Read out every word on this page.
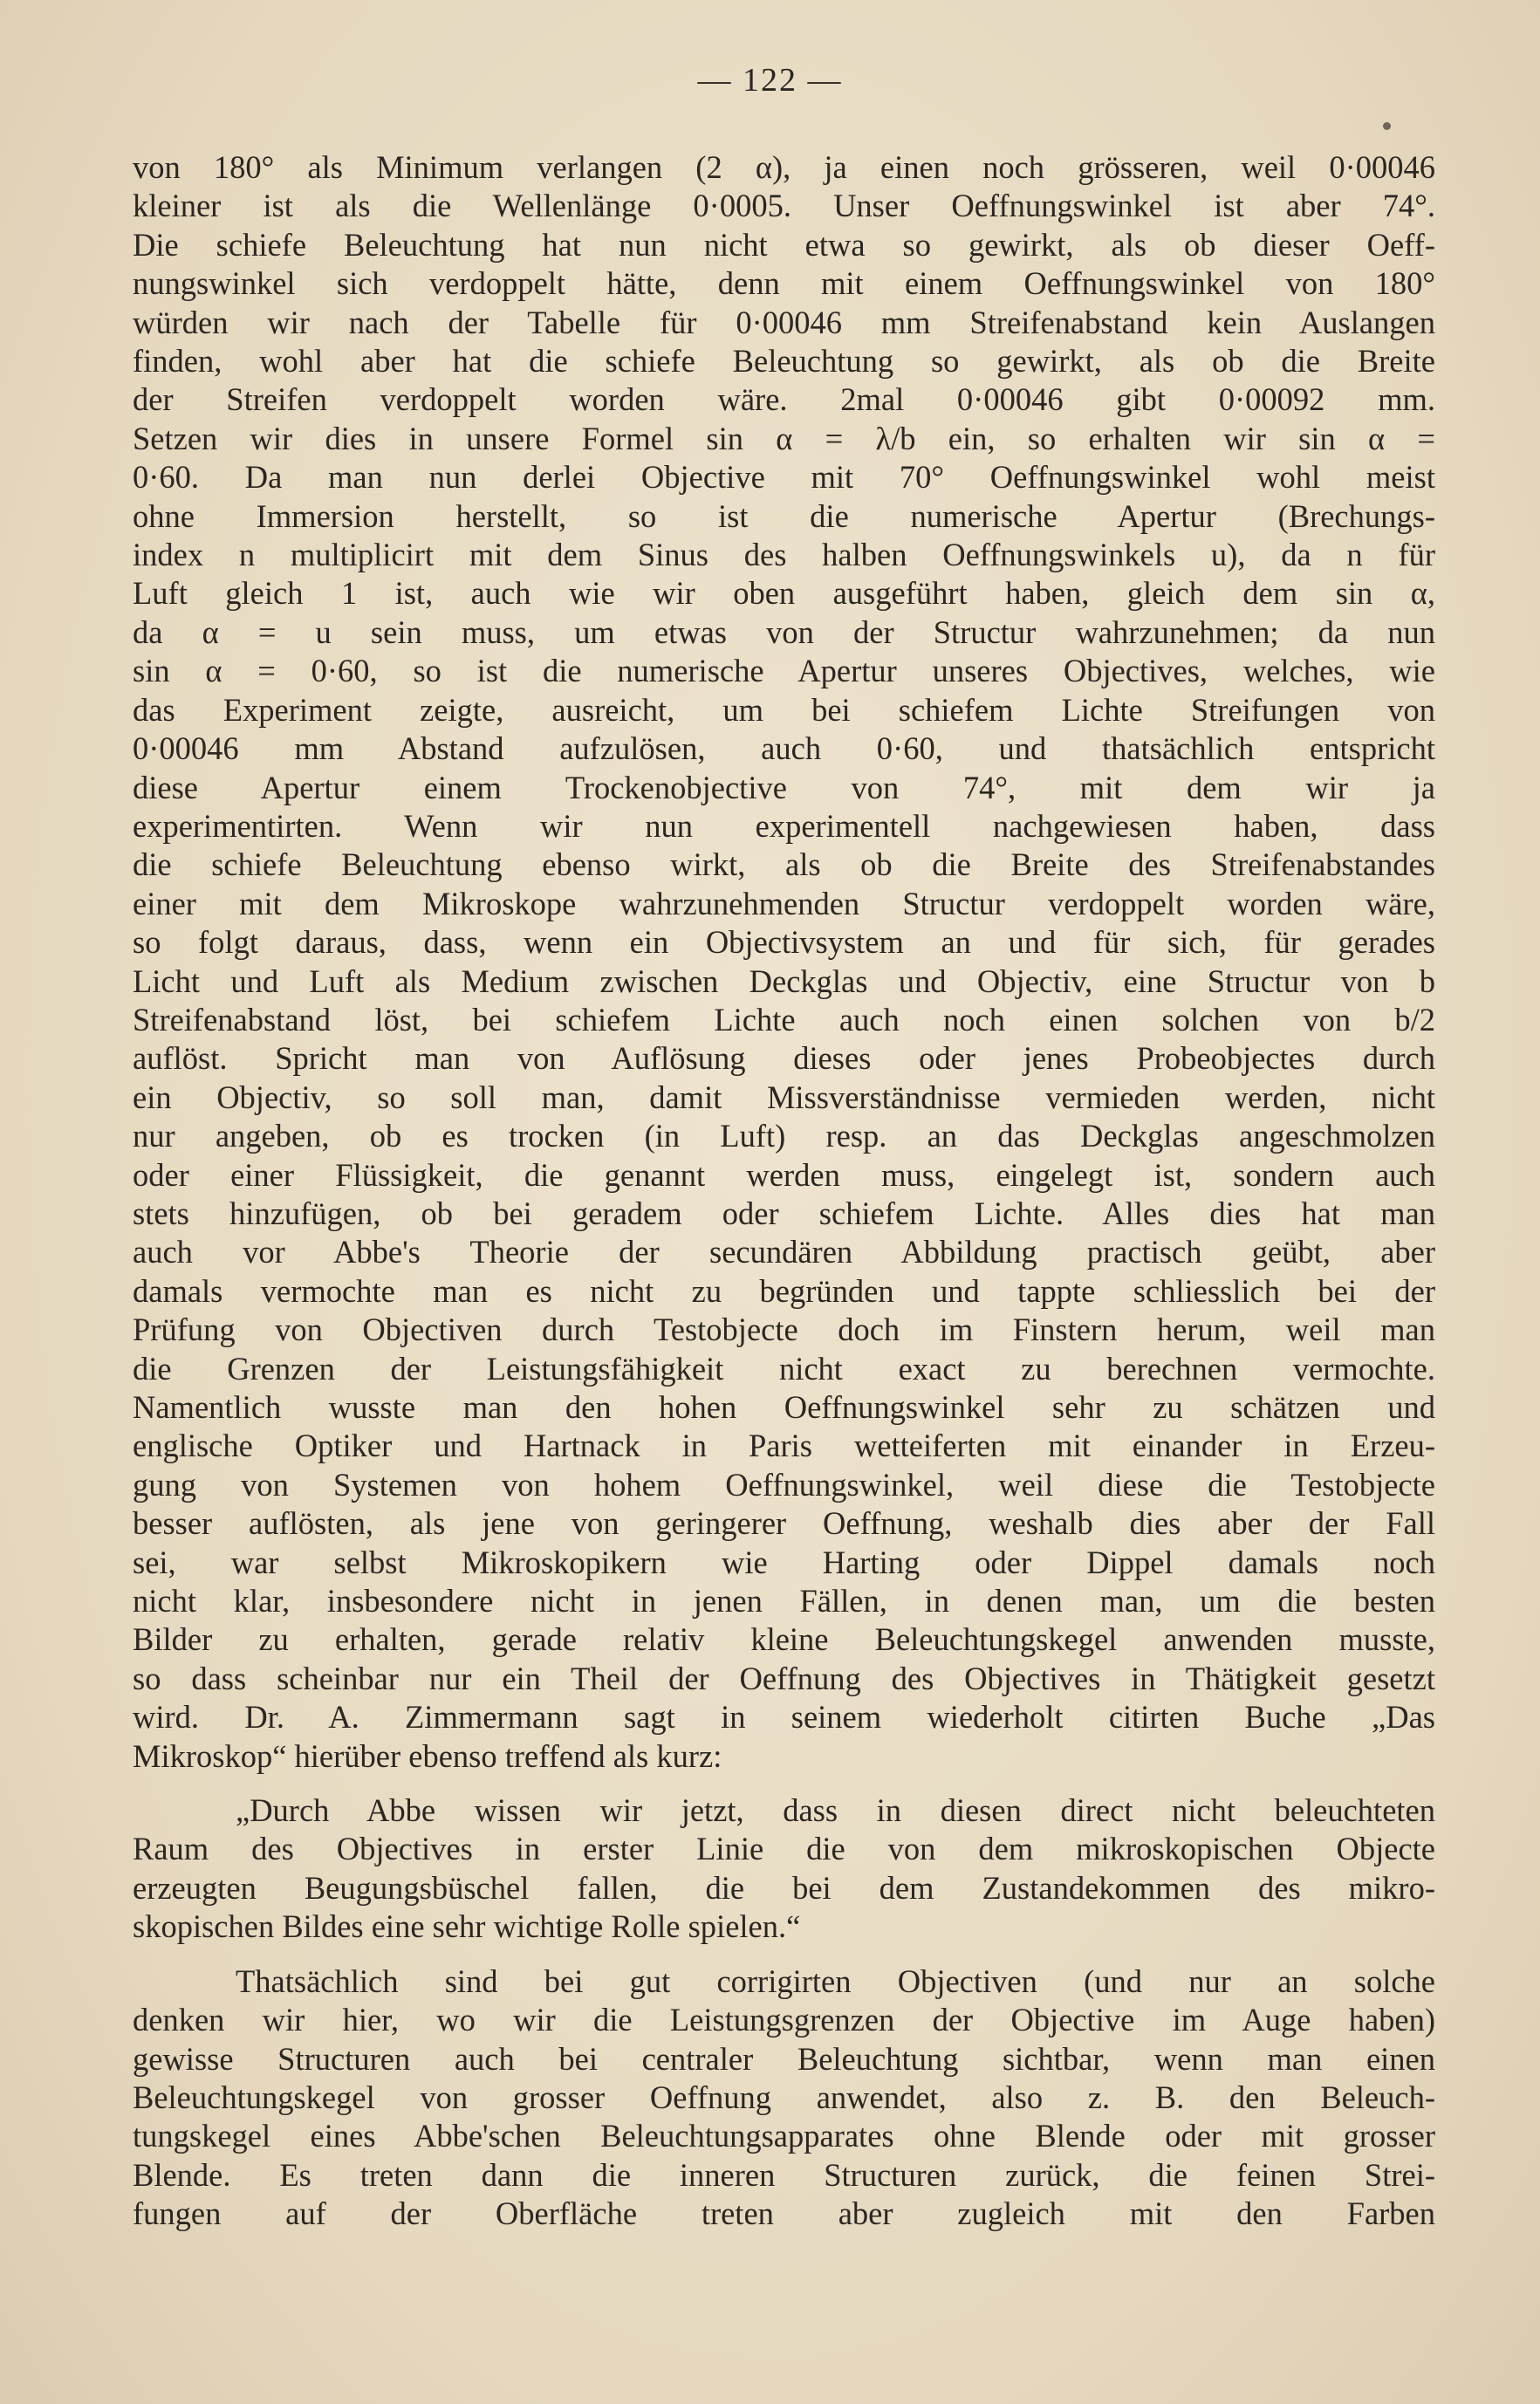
— 122 —

von 180° als Minimum verlangen (2 α), ja einen noch grösseren, weil 0·00046

kleiner ist als die Wellenlänge 0·0005. Unser Oeffnungswinkel ist aber 74°.

Die schiefe Beleuchtung hat nun nicht etwa so gewirkt, als ob dieser Oeff-

nungswinkel sich verdoppelt hätte, denn mit einem Oeffnungswinkel von 180°

würden wir nach der Tabelle für 0·00046 mm Streifenabstand kein Auslangen

finden, wohl aber hat die schiefe Beleuchtung so gewirkt, als ob die Breite

der Streifen verdoppelt worden wäre. 2mal 0·00046 gibt 0·00092 mm.

Setzen wir dies in unsere Formel sin α = λ/b ein, so erhalten wir sin α =

0·60. Da man nun derlei Objective mit 70° Oeffnungswinkel wohl meist

ohne Immersion herstellt, so ist die numerische Apertur (Brechungs-

index n multiplicirt mit dem Sinus des halben Oeffnungswinkels u), da n für

Luft gleich 1 ist, auch wie wir oben ausgeführt haben, gleich dem sin α,

da α = u sein muss, um etwas von der Structur wahrzunehmen; da nun

sin α = 0·60, so ist die numerische Apertur unseres Objectives, welches, wie

das Experiment zeigte, ausreicht, um bei schiefem Lichte Streifungen von

0·00046 mm Abstand aufzulösen, auch 0·60, und thatsächlich entspricht

diese Apertur einem Trockenobjective von 74°, mit dem wir ja

experimentirten. Wenn wir nun experimentell nachgewiesen haben, dass

die schiefe Beleuchtung ebenso wirkt, als ob die Breite des Streifenabstandes

einer mit dem Mikroskope wahrzunehmenden Structur verdoppelt worden wäre,

so folgt daraus, dass, wenn ein Objectivsystem an und für sich, für gerades

Licht und Luft als Medium zwischen Deckglas und Objectiv, eine Structur von b

Streifenabstand löst, bei schiefem Lichte auch noch einen solchen von b/2

auflöst. Spricht man von Auflösung dieses oder jenes Probeobjectes durch

ein Objectiv, so soll man, damit Missverständnisse vermieden werden, nicht

nur angeben, ob es trocken (in Luft) resp. an das Deckglas angeschmolzen

oder einer Flüssigkeit, die genannt werden muss, eingelegt ist, sondern auch

stets hinzufügen, ob bei geradem oder schiefem Lichte. Alles dies hat man

auch vor Abbe's Theorie der secundären Abbildung practisch geübt, aber

damals vermochte man es nicht zu begründen und tappte schliesslich bei der

Prüfung von Objectiven durch Testobjecte doch im Finstern herum, weil man

die Grenzen der Leistungsfähigkeit nicht exact zu berechnen vermochte.

Namentlich wusste man den hohen Oeffnungswinkel sehr zu schätzen und

englische Optiker und Hartnack in Paris wetteiferten mit einander in Erzeu-

gung von Systemen von hohem Oeffnungswinkel, weil diese die Testobjecte

besser auflösten, als jene von geringerer Oeffnung, weshalb dies aber der Fall

sei, war selbst Mikroskopikern wie Harting oder Dippel damals noch

nicht klar, insbesondere nicht in jenen Fällen, in denen man, um die besten

Bilder zu erhalten, gerade relativ kleine Beleuchtungskegel anwenden musste,

so dass scheinbar nur ein Theil der Oeffnung des Objectives in Thätigkeit gesetzt

wird. Dr. A. Zimmermann sagt in seinem wiederholt citirten Buche „Das

Mikroskop“ hierüber ebenso treffend als kurz:

„Durch Abbe wissen wir jetzt, dass in diesen direct nicht beleuchteten

Raum des Objectives in erster Linie die von dem mikroskopischen Objecte

erzeugten Beugungsbüschel fallen, die bei dem Zustandekommen des mikro-

skopischen Bildes eine sehr wichtige Rolle spielen.“

Thatsächlich sind bei gut corrigirten Objectiven (und nur an solche

denken wir hier, wo wir die Leistungsgrenzen der Objective im Auge haben)

gewisse Structuren auch bei centraler Beleuchtung sichtbar, wenn man einen

Beleuchtungskegel von grosser Oeffnung anwendet, also z. B. den Beleuch-

tungskegel eines Abbe'schen Beleuchtungsapparates ohne Blende oder mit grosser

Blende. Es treten dann die inneren Structuren zurück, die feinen Strei-

fungen auf der Oberfläche treten aber zugleich mit den Farben
